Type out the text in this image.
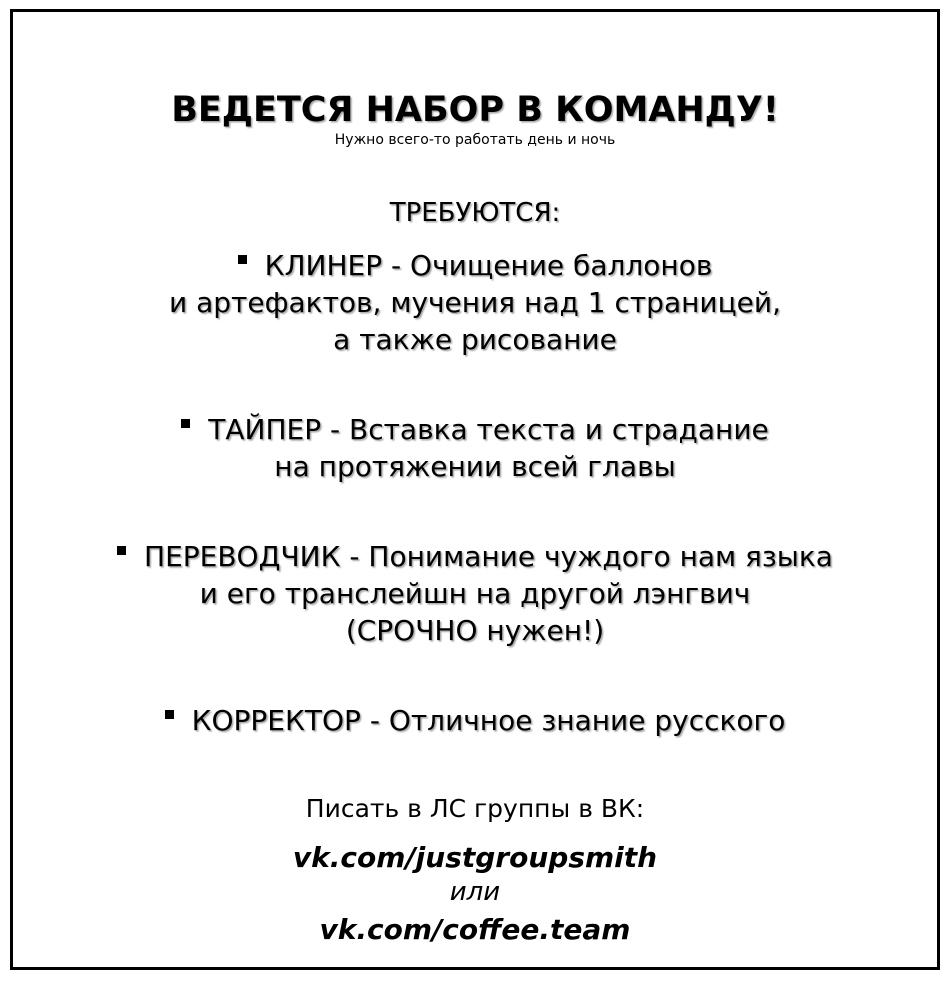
ВЕДЕТСЯ НАБОР В КОМАНДУ!
Нужно всего-то работать день и ночь
ТРЕБУЮТСЯ:
КЛИНЕР - Очищение баллонов
и артефактов, мучения над 1 страницей,
а также рисование
ТАЙПЕР - Вставка текста и страдание
на протяжении всей главы
ПЕРЕВОДЧИК - Понимание чуждого нам языка
и его транслейшн на другой лэнгвич
(СРОЧНО нужен!)
КОРРЕКТОР - Отличное знание русского
Писать в ЛС группы в ВК:
vk.com/justgroupsmith
или
vk.com/coffee.team
